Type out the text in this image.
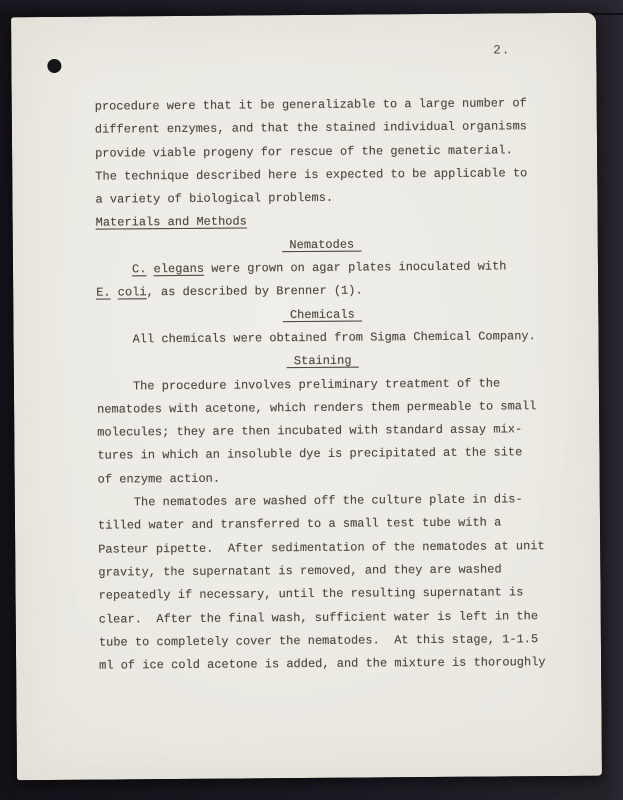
2.
procedure were that it be generalizable to a large number of
different enzymes, and that the stained individual organisms
provide viable progeny for rescue of the genetic material.
The technique described here is expected to be applicable to
a variety of biological problems.
Materials and Methods
Nematodes
C. elegans were grown on agar plates inoculated with
E. coli, as described by Brenner (1).
Chemicals
All chemicals were obtained from Sigma Chemical Company.
Staining
The procedure involves preliminary treatment of the
nematodes with acetone, which renders them permeable to small
molecules; they are then incubated with standard assay mix-
tures in which an insoluble dye is precipitated at the site
of enzyme action.
The nematodes are washed off the culture plate in dis-
tilled water and transferred to a small test tube with a
Pasteur pipette.  After sedimentation of the nematodes at unit
gravity, the supernatant is removed, and they are washed
repeatedly if necessary, until the resulting supernatant is
clear.  After the final wash, sufficient water is left in the
tube to completely cover the nematodes.  At this stage, 1-1.5
ml of ice cold acetone is added, and the mixture is thoroughly
